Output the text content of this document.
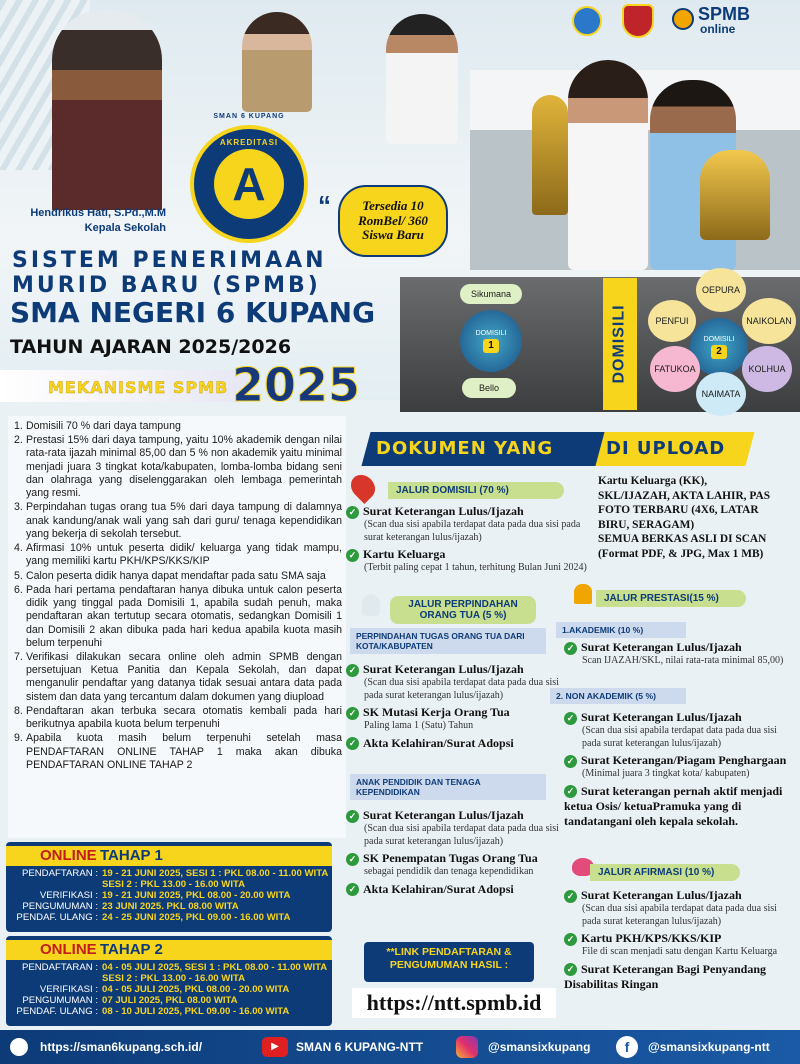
Hendrikus Hati, S.Pd.,M.M
Kepala Sekolah
A
AKREDITASI
SMAN 6 KUPANG
Tersedia 10 RomBel/ 360 Siswa Baru
“
SPMB
online
SISTEM PENERIMAAN
MURID BARU (SPMB)
SMA NEGERI 6 KUPANG
TAHUN AJARAN 2025/2026
MEKANISME SPMB 2025
DOMISILI
DOMISILI
1
Sikumana
Bello
DOMISILI
2
OEPURA
PENFUI	NAIKOLAN
FATUKOA	KOLHUA
NAIMATA
1. Domisili 70 % dari daya tampung
2. Prestasi 15% dari daya tampung, yaitu 10% akademik dengan nilai rata-rata ijazah minimal 85,00 dan 5 % non akademik yaitu minimal menjadi juara 3 tingkat kota/kabupaten, lomba-lomba bidang seni dan olahraga yang diselenggarakan oleh lembaga pemerintah yang resmi.
3. Perpindahan tugas orang tua 5% dari daya tampung di dalamnya anak kandung/anak wali yang sah dari guru/ tenaga kependidikan yang bekerja di sekolah tersebut.
4. Afirmasi 10% untuk peserta didik/ keluarga yang tidak mampu, yang memiliki kartu PKH/KPS/KKS/KIP
5. Calon peserta didik hanya dapat mendaftar pada satu SMA saja
6. Pada hari pertama pendaftaran hanya dibuka untuk calon peserta didik yang tinggal pada Domisili 1, apabila sudah penuh, maka pendaftaran akan tertutup secara otomatis, sedangkan Domisili 1 dan Domisili 2 akan dibuka pada hari kedua apabila kuota masih belum terpenuhi
7. Verifikasi dilakukan secara online oleh admin SPMB dengan persetujuan Ketua Panitia dan Kepala Sekolah, dan dapat menganulir pendaftar yang datanya tidak sesuai antara data pada sistem dan data yang tercantum dalam dokumen yang diupload
8. Pendaftaran akan terbuka secara otomatis kembali pada hari berikutnya apabila kuota belum terpenuhi
9. Apabila kuota masih belum terpenuhi setelah masa PENDAFTARAN ONLINE TAHAP 1 maka akan dibuka PENDAFTARAN ONLINE TAHAP 2
ONLINE TAHAP 1
PENDAFTARAN : 19 - 21 JUNI 2025, SESI 1 : PKL 08.00 - 11.00 WITA
SESI 2 : PKL 13.00 - 16.00 WITA
VERIFIKASI : 19 - 21 JUNI 2025, PKL 08.00 - 20.00 WITA
PENGUMUMAN : 23 JUNI 2025. PKL 08.00 WITA
PENDAF. ULANG : 24 - 25 JUNI 2025, PKL 09.00 - 16.00 WITA
ONLINE TAHAP 2
PENDAFTARAN : 04 - 05 JULI 2025, SESI 1 : PKL 08.00 - 11.00 WITA
SESI 2 : PKL 13.00 - 16.00 WITA
VERIFIKASI : 04 - 05 JULI 2025, PKL 08.00 - 20.00 WITA
PENGUMUMAN : 07 JULI 2025, PKL 08.00 WITA
PENDAF. ULANG : 08 - 10 JULI 2025, PKL 09.00 - 16.00 WITA
DOKUMEN YANG	DI UPLOAD
JALUR DOMISILI (70 %)
✓ Surat Keterangan Lulus/Ijazah
(Scan dua sisi apabila terdapat data pada dua sisi pada surat keterangan lulus/ijazah)
✓ Kartu Keluarga
(Terbit paling cepat 1 tahun, terhitung Bulan Juni 2024)
Kartu Keluarga (KK),
SKL/IJAZAH, AKTA LAHIR, PAS
FOTO TERBARU (4X6, LATAR
BIRU, SERAGAM)
SEMUA BERKAS ASLI DI SCAN
(Format PDF, & JPG, Max 1 MB)
JALUR PERPINDAHAN ORANG TUA (5 %)
PERPINDAHAN TUGAS ORANG TUA DARI KOTA/KABUPATEN
✓ Surat Keterangan Lulus/Ijazah
(Scan dua sisi apabila terdapat data pada dua sisi pada surat keterangan lulus/ijazah)
✓ SK Mutasi Kerja Orang Tua
Paling lama 1 (Satu) Tahun
✓ Akta Kelahiran/Surat Adopsi
ANAK PENDIDIK DAN TENAGA KEPENDIDIKAN
✓ Surat Keterangan Lulus/Ijazah
(Scan dua sisi apabila terdapat data pada dua sisi pada surat keterangan lulus/ijazah)
✓ SK Penempatan Tugas Orang Tua
sebagai pendidik dan tenaga kependidikan
✓ Akta Kelahiran/Surat Adopsi
JALUR PRESTASI(15 %)
1.AKADEMIK (10 %)
✓ Surat Keterangan Lulus/Ijazah
Scan IJAZAH/SKL, nilai rata-rata minimal 85,00)
2. NON AKADEMIK (5 %)
✓ Surat Keterangan Lulus/Ijazah
(Scan dua sisi apabila terdapat data pada dua sisi pada surat keterangan lulus/ijazah)
✓ Surat Keterangan/Piagam Penghargaan
(Minimal juara 3 tingkat kota/ kabupaten)
✓ Surat keterangan pernah aktif menjadi ketua Osis/ ketuaPramuka yang di tandatangani oleh kepala sekolah.
JALUR AFIRMASI (10 %)
✓ Surat Keterangan Lulus/Ijazah
(Scan dua sisi apabila terdapat data pada dua sisi pada surat keterangan lulus/ijazah)
✓ Kartu PKH/KPS/KKS/KIP
File di scan menjadi satu dengan Kartu Keluarga
✓ Surat Keterangan Bagi Penyandang Disabilitas Ringan
**LINK PENDAFTARAN & PENGUMUMAN HASIL :
https://ntt.spmb.id
https://sman6kupang.sch.id/	▶	SMAN 6 KUPANG-NTT	@smansixkupang	f	@smansixkupang-ntt
